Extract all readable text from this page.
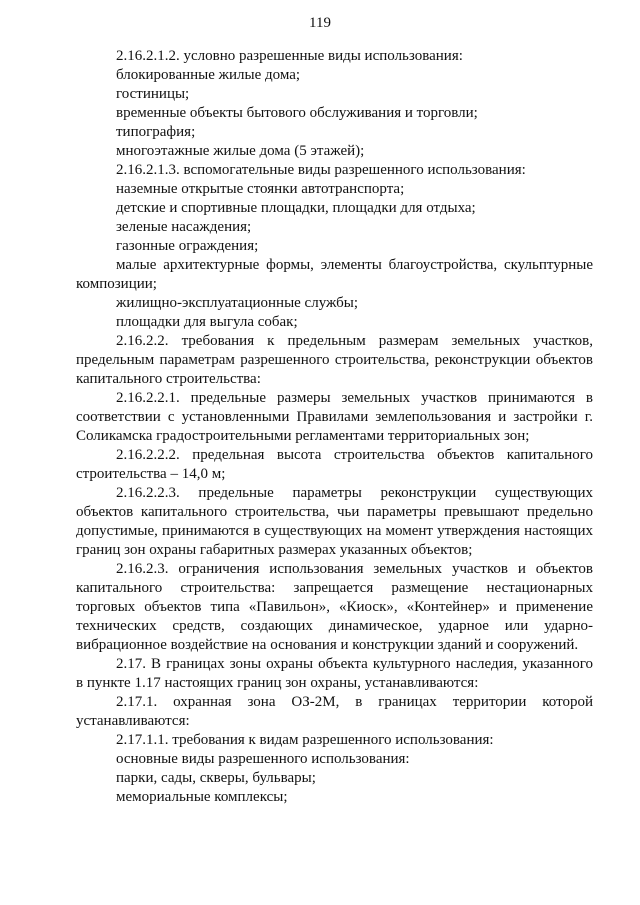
119

2.16.2.1.2. условно разрешенные виды использования:

блокированные жилые дома;

гостиницы;

временные объекты бытового обслуживания и торговли;

типография;

многоэтажные жилые дома (5 этажей);

2.16.2.1.3. вспомогательные виды разрешенного использования:

наземные открытые стоянки автотранспорта;

детские и спортивные площадки, площадки для отдыха;

зеленые насаждения;

газонные ограждения;

малые архитектурные формы, элементы благоустройства, скульптурные композиции;

жилищно-эксплуатационные службы;

площадки для выгула собак;

2.16.2.2. требования к предельным размерам земельных участков, предельным параметрам разрешенного строительства, реконструкции объектов капитального строительства:

2.16.2.2.1. предельные размеры земельных участков принимаются в соответствии с установленными Правилами землепользования и застройки г. Соликамска градостроительными регламентами территориальных зон;

2.16.2.2.2. предельная высота строительства объектов капитального строительства – 14,0 м;

2.16.2.2.3. предельные параметры реконструкции существующих объектов капитального строительства, чьи параметры превышают предельно допустимые, принимаются в существующих на момент утверждения настоящих границ зон охраны габаритных размерах указанных объектов;

2.16.2.3. ограничения использования земельных участков и объектов капитального строительства: запрещается размещение нестационарных торговых объектов типа «Павильон», «Киоск», «Контейнер» и применение технических средств, создающих динамическое, ударное или ударно-вибрационное воздействие на основания и конструкции зданий и сооружений.

2.17. В границах зоны охраны объекта культурного наследия, указанного в пункте 1.17 настоящих границ зон охраны, устанавливаются:

2.17.1. охранная зона ОЗ-2М, в границах территории которой устанавливаются:

2.17.1.1. требования к видам разрешенного использования:

основные виды разрешенного использования:

парки, сады, скверы, бульвары;

мемориальные комплексы;
